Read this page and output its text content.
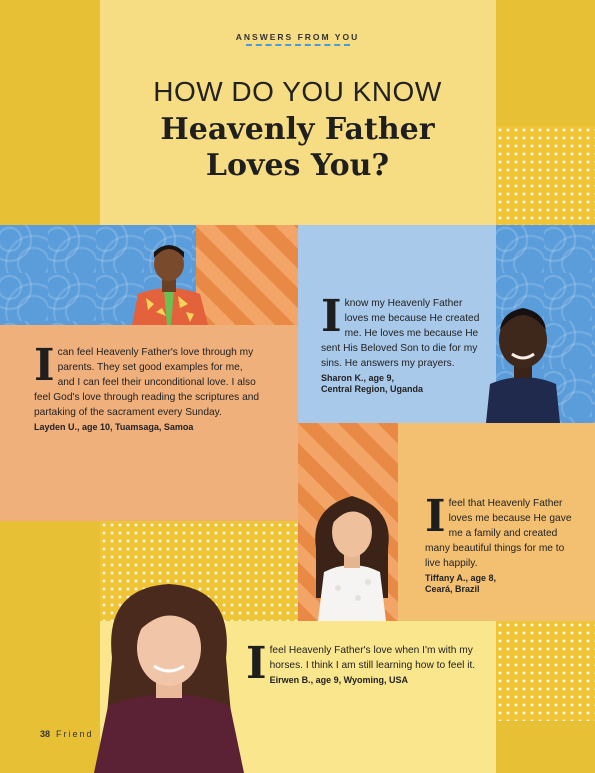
ANSWERS FROM YOU
HOW DO YOU KNOW
Heavenly Father
Loves You?
Ican feel Heavenly Father's love through my parents. They set good examples for me, and I can feel their unconditional love. I also feel God's love through reading the scriptures and partaking of the sacrament every Sunday.
Layden U., age 10, Tuamsaga, Samoa
Iknow my Heavenly Father loves me because He created me. He loves me because He sent His Beloved Son to die for my sins. He answers my prayers.
Sharon K., age 9,
Central Region, Uganda
Ifeel that Heavenly Father loves me because He gave me a family and created many beautiful things for me to live happily.
Tiffany A., age 8,
Ceará, Brazil
Ifeel Heavenly Father's love when I'm with my horses. I think I am still learning how to feel it.
Eirwen B., age 9, Wyoming, USA
38 Friend
